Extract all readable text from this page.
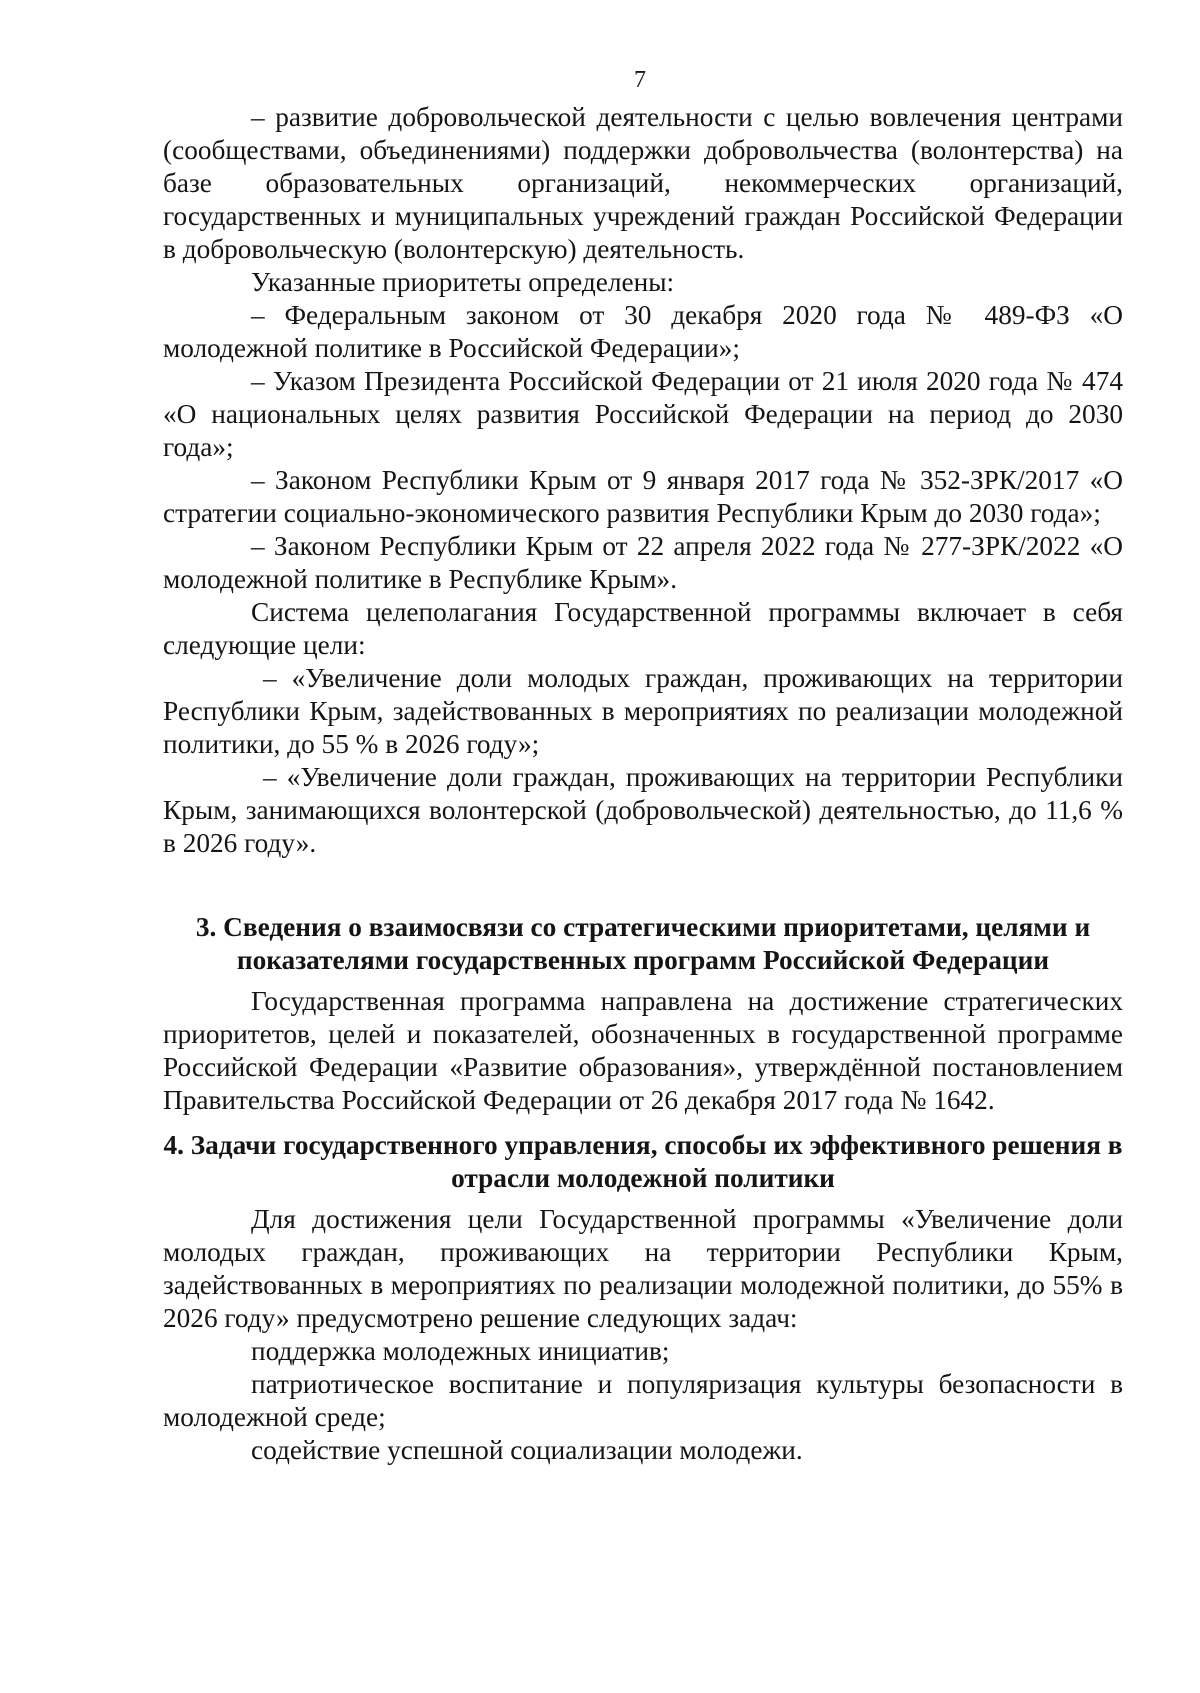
7

– развитие добровольческой деятельности с целью вовлечения центрами (сообществами, объединениями) поддержки добровольчества (волонтерства) на базе образовательных организаций, некоммерческих организаций, государственных и муниципальных учреждений граждан Российской Федерации в добровольческую (волонтерскую) деятельность.

Указанные приоритеты определены:

– Федеральным законом от 30 декабря 2020 года № 489-ФЗ «О молодежной политике в Российской Федерации»;

– Указом Президента Российской Федерации от 21 июля 2020 года № 474 «О национальных целях развития Российской Федерации на период до 2030 года»;

– Законом Республики Крым от 9 января 2017 года № 352-ЗРК/2017 «О стратегии социально-экономического развития Республики Крым до 2030 года»;

– Законом Республики Крым от 22 апреля 2022 года № 277-ЗРК/2022 «О молодежной политике в Республике Крым».

Система целеполагания Государственной программы включает в себя следующие цели:

– «Увеличение доли молодых граждан, проживающих на территории Республики Крым, задействованных в мероприятиях по реализации молодежной политики, до 55 % в 2026 году»;

– «Увеличение доли граждан, проживающих на территории Республики Крым, занимающихся волонтерской (добровольческой) деятельностью, до 11,6 % в 2026 году».

3. Сведения о взаимосвязи со стратегическими приоритетами, целями и показателями государственных программ Российской Федерации

Государственная программа направлена на достижение стратегических приоритетов, целей и показателей, обозначенных в государственной программе Российской Федерации «Развитие образования», утверждённой постановлением Правительства Российской Федерации от 26 декабря 2017 года № 1642.

4. Задачи государственного управления, способы их эффективного решения в отрасли молодежной политики

Для достижения цели Государственной программы «Увеличение доли молодых граждан, проживающих на территории Республики Крым, задействованных в мероприятиях по реализации молодежной политики, до 55% в 2026 году» предусмотрено решение следующих задач:

поддержка молодежных инициатив;

патриотическое воспитание и популяризация культуры безопасности в молодежной среде;

содействие успешной социализации молодежи.
